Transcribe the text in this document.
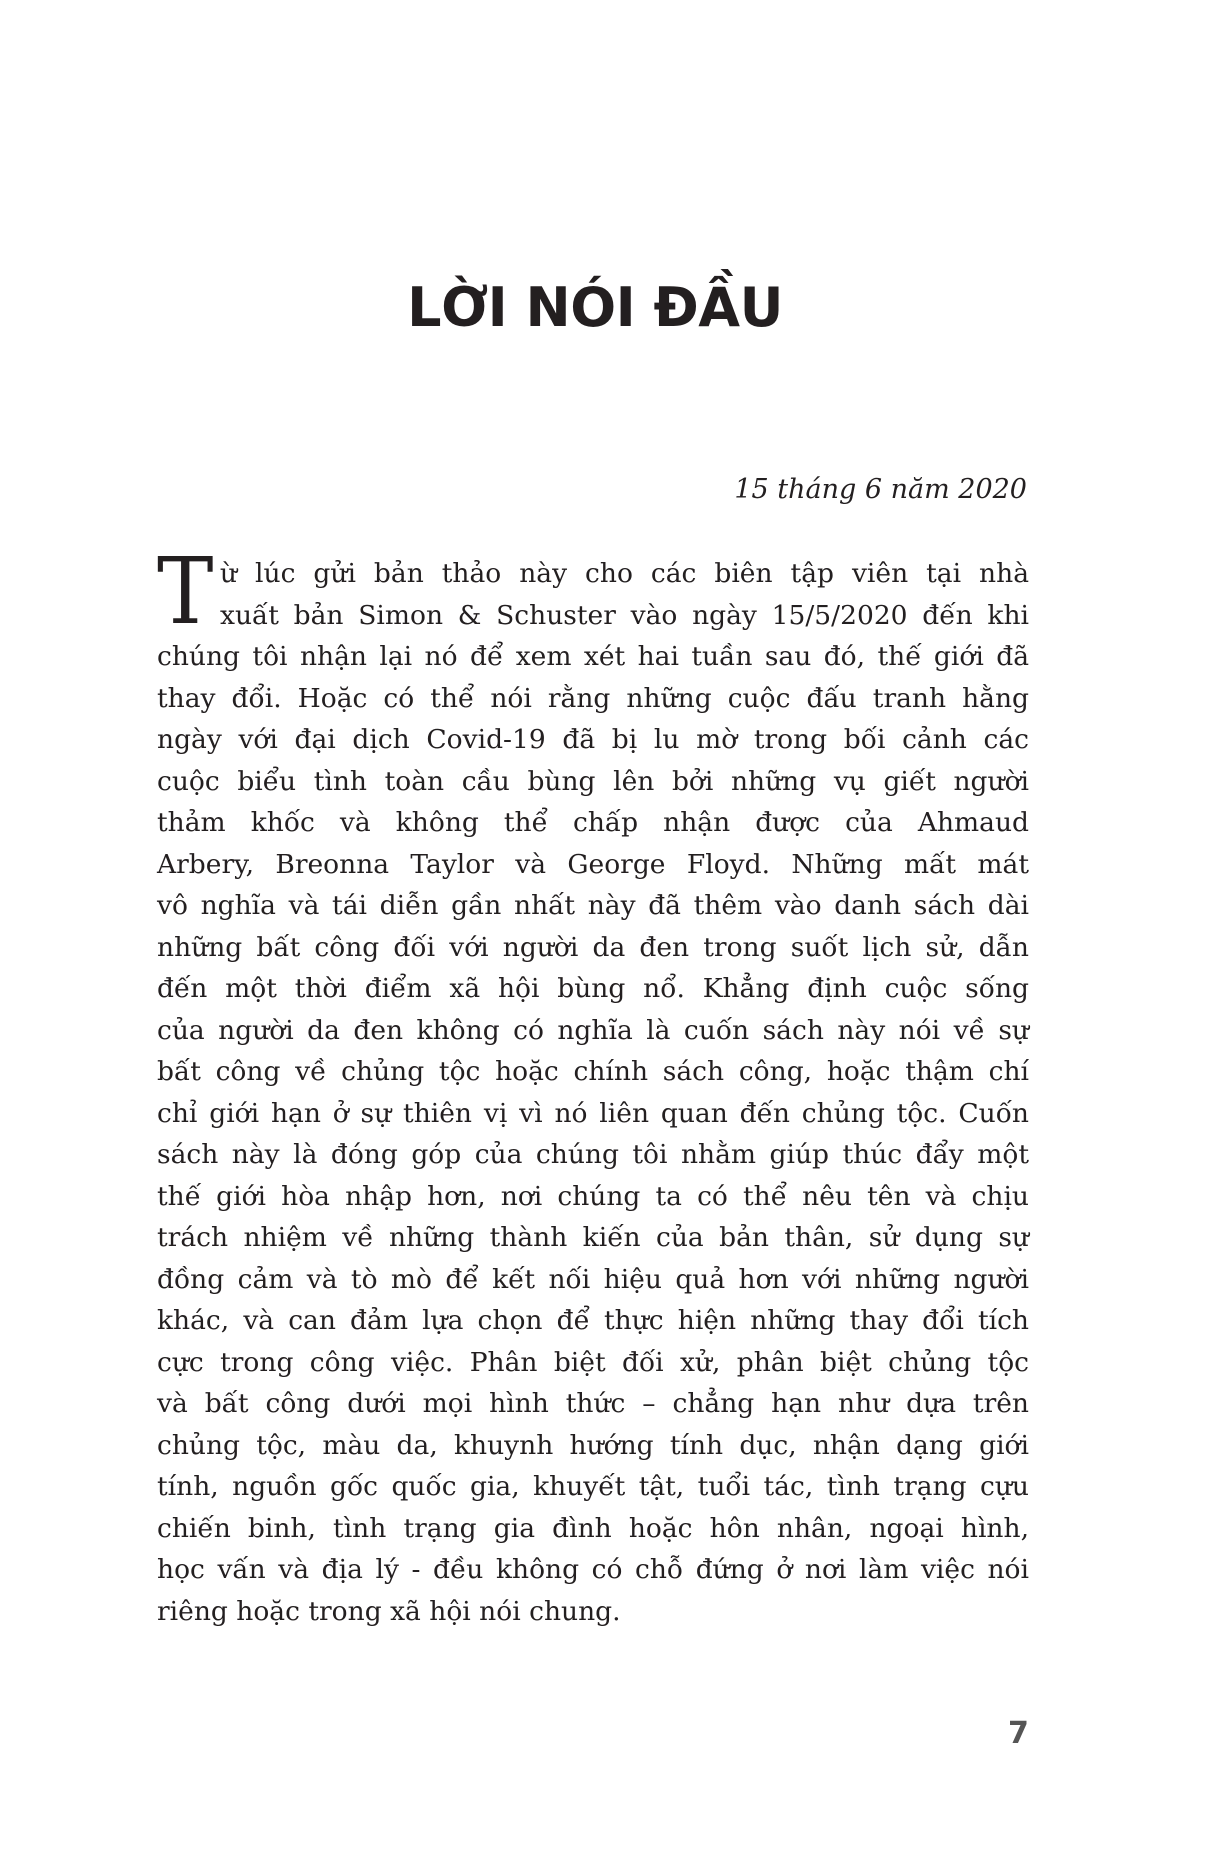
LỜI NÓI ĐẦU
15 tháng 6 năm 2020
T ừ lúc gửi bản thảo này cho các biên tập viên tại nhà
xuất bản Simon & Schuster vào ngày 15/5/2020 đến khi
chúng tôi nhận lại nó để xem xét hai tuần sau đó, thế giới đã
thay đổi. Hoặc có thể nói rằng những cuộc đấu tranh hằng
ngày với đại dịch Covid-19 đã bị lu mờ trong bối cảnh các
cuộc biểu tình toàn cầu bùng lên bởi những vụ giết người
thảm khốc và không thể chấp nhận được của Ahmaud
Arbery, Breonna Taylor và George Floyd. Những mất mát
vô nghĩa và tái diễn gần nhất này đã thêm vào danh sách dài
những bất công đối với người da đen trong suốt lịch sử, dẫn
đến một thời điểm xã hội bùng nổ. Khẳng định cuộc sống
của người da đen không có nghĩa là cuốn sách này nói về sự
bất công về chủng tộc hoặc chính sách công, hoặc thậm chí
chỉ giới hạn ở sự thiên vị vì nó liên quan đến chủng tộc. Cuốn
sách này là đóng góp của chúng tôi nhằm giúp thúc đẩy một
thế giới hòa nhập hơn, nơi chúng ta có thể nêu tên và chịu
trách nhiệm về những thành kiến của bản thân, sử dụng sự
đồng cảm và tò mò để kết nối hiệu quả hơn với những người
khác, và can đảm lựa chọn để thực hiện những thay đổi tích
cực trong công việc. Phân biệt đối xử, phân biệt chủng tộc
và bất công dưới mọi hình thức – chẳng hạn như dựa trên
chủng tộc, màu da, khuynh hướng tính dục, nhận dạng giới
tính, nguồn gốc quốc gia, khuyết tật, tuổi tác, tình trạng cựu
chiến binh, tình trạng gia đình hoặc hôn nhân, ngoại hình,
học vấn và địa lý - đều không có chỗ đứng ở nơi làm việc nói
riêng hoặc trong xã hội nói chung.
7
